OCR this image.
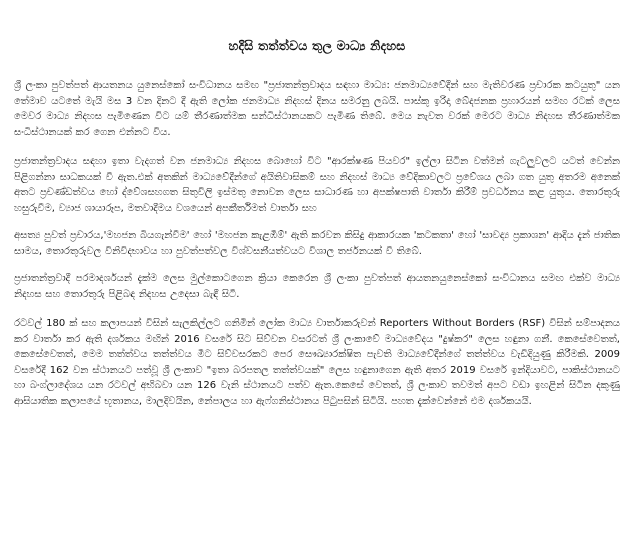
හදිසි තත්ත්වය තුල මාධ්‍ය නිදහස

ශ්‍රී ලංකා පුවත්පත් ආයතනය යුනෙස්කෝ සංවිධානය සමඟ "ප්‍රජාතන්ත්‍රවාදය සඳහා මාධ්‍ය: ජනමාධ්‍යවේදීන් සහ මැතිවරණ ප්‍රචාරක කටයුතු" යන තේමාව යටතේ මැයි මස 3 වන දිනට දී ඇති ලෝක ජනමාධ්‍ය නිදහස් දිනය සමරනු ලබයි. පාස්කු ඉරිදා බේදජනක ප්‍රහාරයන් සමඟ රටක් ලෙස මෙවර මාධ්‍ය නිදහස පැමිණෙන විට යම් තීරණාත්මක සන්ධිස්ථානයකට පැමිණ තිබේ. මෙය නැවත වරක් මෙරට මාධ්‍ය නිදහස තීරණාත්මක සංධිස්ථානයක් කර ගෙන එන්නට විය.

ප්‍රජාතන්ත්‍රවාදය සඳහා ඉතා වැදගත් වන ජනමාධ්‍ය නිදහස බොහෝ විට "ආරක්ෂණ පියවර" ඉල්ලා සිටින වත්මන් ගැටලුවලට යටත් වෙන්න පිළිගන්නා සාධකයක් වී ඇත.එක් අතකින් මාධ්‍යවේදීන්ගේ අයිතිවාසිකම් සහ නිදහස් මාධ්‍ය වේදිකාවලට ප්‍රවේශය ලබා ගත යුතු අතරම අනෙක් අතට ප්‍රචණ්ඩත්වය හෝ ද්වේශසහගත සිතුවිලි ඉස්මතු නොවන ලෙස සාධාරණ හා අපක්ෂපාති වාර්තා කිරීම් ප්‍රවර්ධනය කළ යුතුය. තොරතුරු හසුරුවීම, ව්‍යාජ ශායාරූප, මතවාදීමය වශයෙන් අපකීර්තිමත් වාර්තා සහ

අසත්‍ය පුවත් ප්‍රචාරය,'මහජන බියගැන්වීම' හෝ 'මහජන කැළඹීම්' ඇති කරවන කිසිදු ආකාරයක 'කටකතා' හෝ 'සාවද්‍ය ප්‍රකාශන' ආදිය දැන් ජාතික සාමය, තොරතුරුවල විනිවිදභාවය හා පුවත්පත්වල විශ්වසනීයත්වයට විශාල තර්ජනයක් වී තිබේ.

ප්‍රජාතන්ත්‍රවාදී පරමාදර්ශයන් දැක්ම ලෙස මුල්කොටගෙන ක්‍රියා කෙරෙන ශ්‍රී ලංකා පුවත්පත් ආයතනයුනෙස්කෝ සංවිධානය සමඟ එක්ව මාධ්‍ය නිදහස සහ තොරතුරු පිළිබඳ නිදහස උදෙසා බැඳී සිටී.

රටවල් 180 ක් සහ කලාපයන් විසින් සැලකිල්ලට ගනිමින් ලෝක මාධ්‍ය වාර්තාකරුවන් Reporters Without Borders (RSF) විසින් සම්පාදනය කර වාර්තා කර ඇති දර්ශකය මඟින් 2016 වසරේ සිට සිව්වන වසරටත් ශ්‍රී ලංකාවේ මාධ්‍යවේදය "දුෂ්කර" ලෙස හඳුනා ගනී. කෙසේවෙතත්, කෙසේවෙතත්, මෙම තත්ත්වය තත්ත්වය මීට සිව්වසරකට පෙර සෞඛ්‍යාරක්ෂිත පැවති මාධ්‍යවේදීන්ගේ තත්ත්වය වැඩිදියුණු කිරීමකි. 2009 වසරේදී 162 වන ස්ථානයට පත්වූ ශ්‍රී ලංකාව "ඉතා බරපතල තත්ත්වයක්" ලෙස හඳුනාගෙන ඇති අතර 2019 වසරේ ඉන්දියාවට, පාකිස්ථානයට හා බංග්ලාදේශය යන රටවල් අභිබවා යන 126 වැනි ස්ථානයට පත්ව ඇත.කෙසේ වෙතත්, ශ්‍රී ලංකාව තවමත් අපට වඩා ඉහළින් සිටින දකුණු ආසියාතික කලාපයේ භූතානය, මාලදිවයින, නේපාලය හා ඇෆ්ගනිස්ථානය පිටුපසින් සිටියි. පහත දැක්වෙන්නේ එම දර්ශකයයි.
